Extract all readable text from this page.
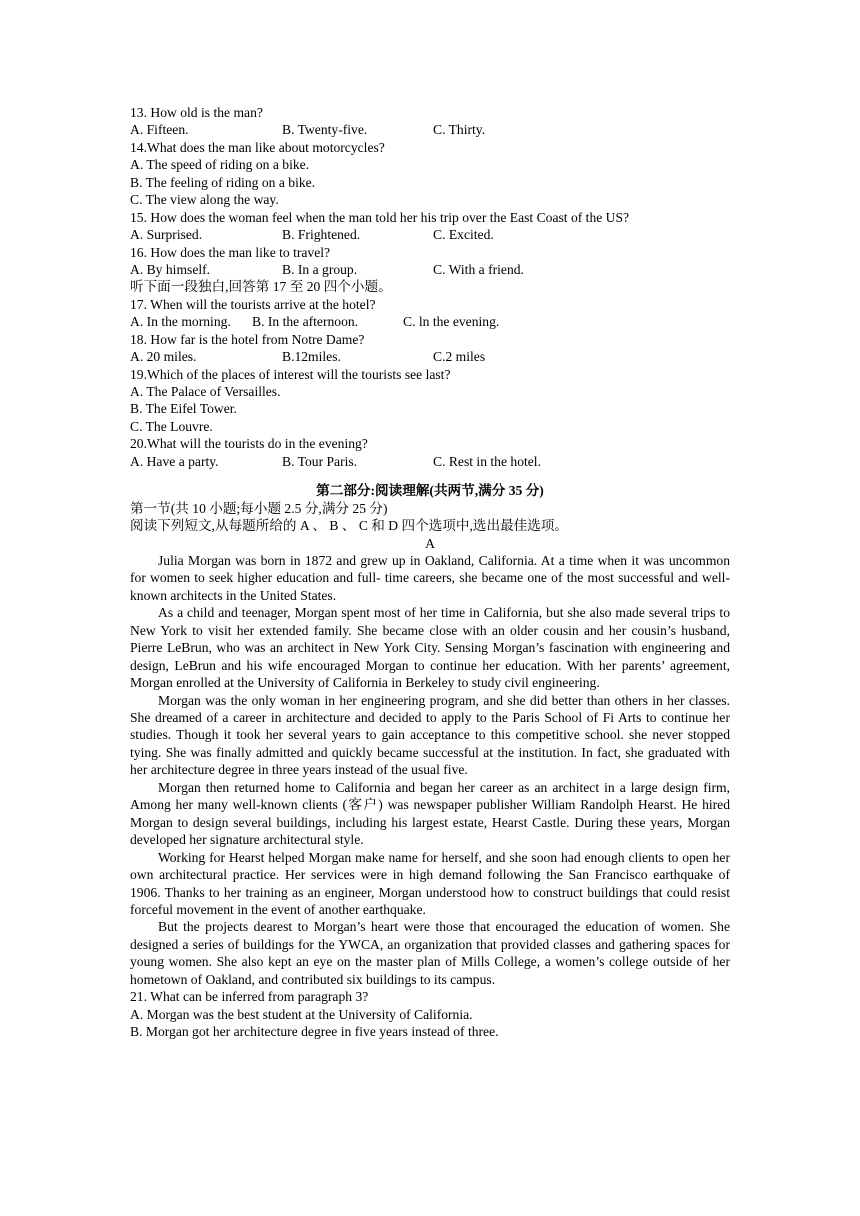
13. How old is the man?
A. Fifteen.	B. Twenty-five.	C. Thirty.
14.What does the man like about motorcycles?
A. The speed of riding on a bike.
B. The feeling of riding on a bike.
C. The view along the way.
15. How does the woman feel when the man told her his trip over the East Coast of the US?
A. Surprised.	B. Frightened.	C. Excited.
16. How does the man like to travel?
A. By himself.	B. In a group.	C. With a friend.
听下面一段独白,回答第 17 至 20 四个小题。
17. When will the tourists arrive at the hotel?
A. In the morning.	B. In the afternoon.	C. ln the evening.
18. How far is the hotel from Notre Dame?
A. 20 miles.	B.12miles.	C.2 miles
19.Which of the places of interest will the tourists see last?
A. The Palace of Versailles.
B. The Eifel Tower.
C. The Louvre.
20.What will the tourists do in the evening?
A. Have a party.	B. Tour Paris.	C. Rest in the hotel.
第二部分:阅读理解(共两节,满分 35 分)
第一节(共 10 小题;每小题 2.5 分,满分 25 分)
阅读下列短文,从每题所给的 A 、 B 、 C 和 D 四个选项中,选出最佳选项。
A

Julia Morgan was born in 1872 and grew up in Oakland, California. At a time when it was uncommon for women to seek higher education and full- time careers, she became one of the most successful and well-known architects in the United States.

As a child and teenager, Morgan spent most of her time in California, but she also made several trips to New York to visit her extended family. She became close with an older cousin and her cousin’s husband, Pierre LeBrun, who was an architect in New York City. Sensing Morgan’s fascination with engineering and design, LeBrun and his wife encouraged Morgan to continue her education. With her parents’ agreement, Morgan enrolled at the University of California in Berkeley to study civil engineering.

Morgan was the only woman in her engineering program, and she did better than others in her classes. She dreamed of a career in architecture and decided to apply to the Paris School of Fi Arts to continue her studies. Though it took her several years to gain acceptance to this competitive school. she never stopped tying. She was finally admitted and quickly became successful at the institution. In fact, she graduated with her architecture degree in three years instead of the usual five.

Morgan then returned home to California and began her career as an architect in a large design firm, Among her many well-known clients (客户) was newspaper publisher William Randolph Hearst. He hired Morgan to design several buildings, including his largest estate, Hearst Castle. During these years, Morgan developed her signature architectural style.

Working for Hearst helped Morgan make name for herself, and she soon had enough clients to open her own architectural practice. Her services were in high demand following the San Francisco earthquake of 1906. Thanks to her training as an engineer, Morgan understood how to construct buildings that could resist forceful movement in the event of another earthquake.

But the projects dearest to Morgan’s heart were those that encouraged the education of women. She designed a series of buildings for the YWCA, an organization that provided classes and gathering spaces for young women. She also kept an eye on the master plan of Mills College, a women’s college outside of her hometown of Oakland, and contributed six buildings to its campus.

21. What can be inferred from paragraph 3?
A. Morgan was the best student at the University of California.
B. Morgan got her architecture degree in five years instead of three.
